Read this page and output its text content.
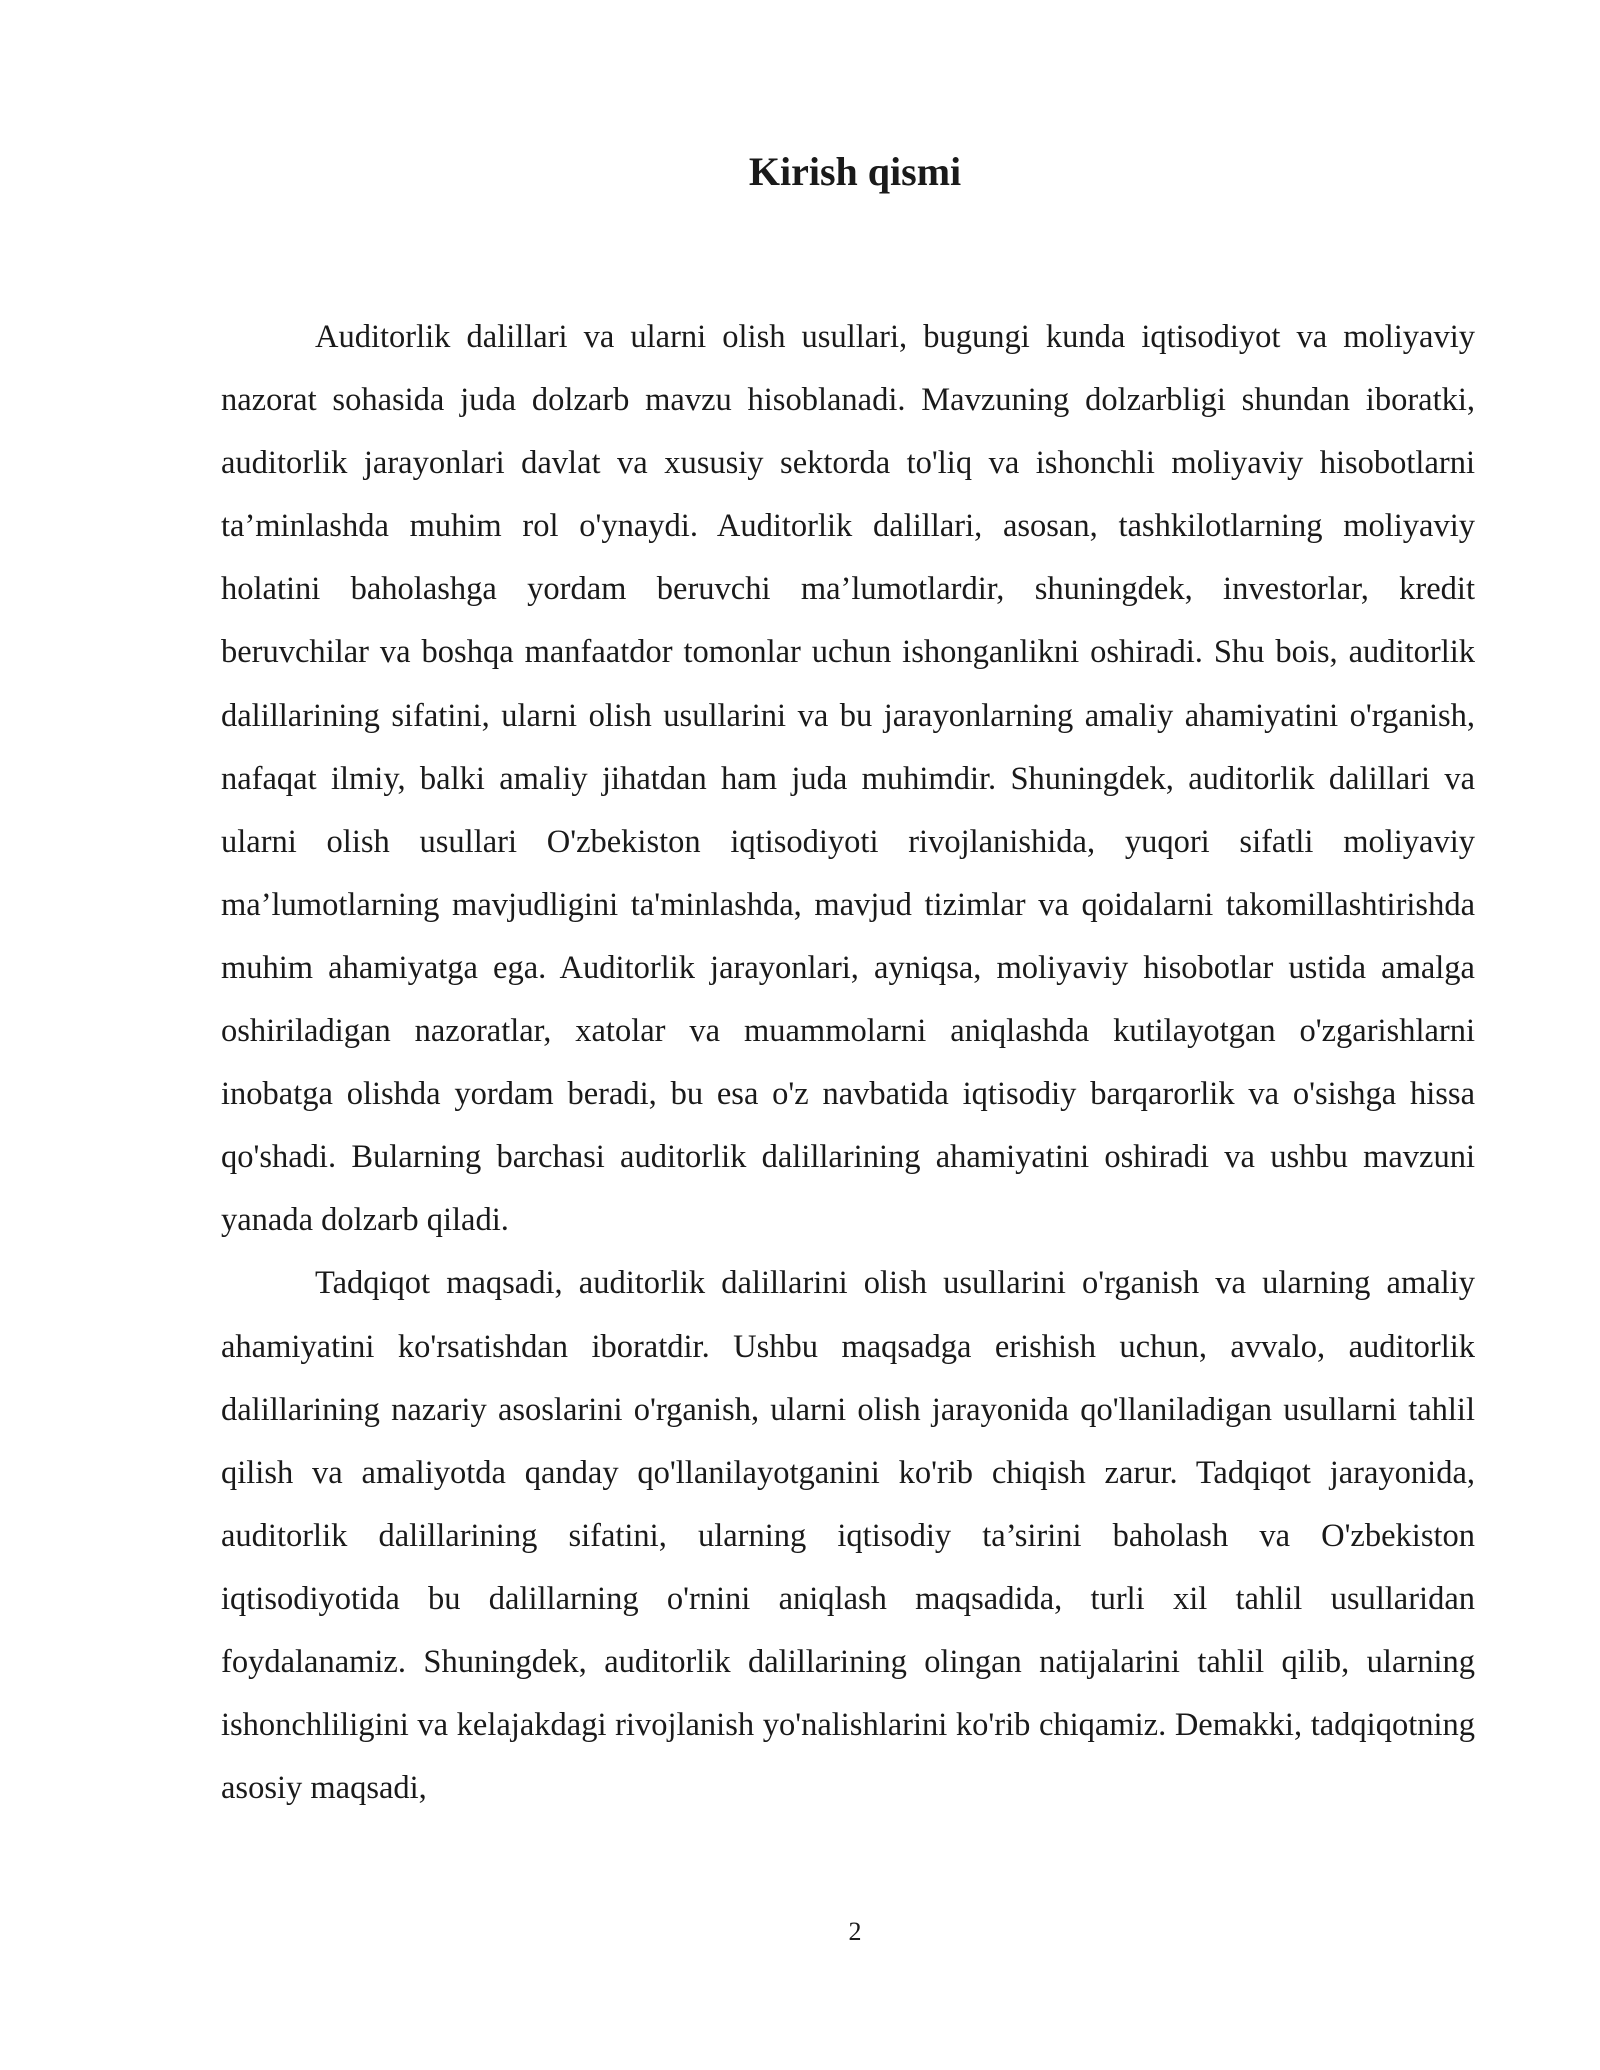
Kirish qismi

Auditorlik dalillari va ularni olish usullari, bugungi kunda iqtisodiyot va moliyaviy nazorat sohasida juda dolzarb mavzu hisoblanadi. Mavzuning dolzarbligi shundan iboratki, auditorlik jarayonlari davlat va xususiy sektorda to'liq va ishonchli moliyaviy hisobotlarni ta’minlashda muhim rol o'ynaydi. Auditorlik dalillari, asosan, tashkilotlarning moliyaviy holatini baholashga yordam beruvchi ma’lumotlardir, shuningdek, investorlar, kredit beruvchilar va boshqa manfaatdor tomonlar uchun ishonganlikni oshiradi. Shu bois, auditorlik dalillarining sifatini, ularni olish usullarini va bu jarayonlarning amaliy ahamiyatini o'rganish, nafaqat ilmiy, balki amaliy jihatdan ham juda muhimdir. Shuningdek, auditorlik dalillari va ularni olish usullari O'zbekiston iqtisodiyoti rivojlanishida, yuqori sifatli moliyaviy ma’lumotlarning mavjudligini ta'minlashda, mavjud tizimlar va qoidalarni takomillashtirishda muhim ahamiyatga ega. Auditorlik jarayonlari, ayniqsa, moliyaviy hisobotlar ustida amalga oshiriladigan nazoratlar, xatolar va muammolarni aniqlashda kutilayotgan o'zgarishlarni inobatga olishda yordam beradi, bu esa o'z navbatida iqtisodiy barqarorlik va o'sishga hissa qo'shadi. Bularning barchasi auditorlik dalillarining ahamiyatini oshiradi va ushbu mavzuni yanada dolzarb qiladi.

Tadqiqot maqsadi, auditorlik dalillarini olish usullarini o'rganish va ularning amaliy ahamiyatini ko'rsatishdan iboratdir. Ushbu maqsadga erishish uchun, avvalo, auditorlik dalillarining nazariy asoslarini o'rganish, ularni olish jarayonida qo'llaniladigan usullarni tahlil qilish va amaliyotda qanday qo'llanilayotganini ko'rib chiqish zarur. Tadqiqot jarayonida, auditorlik dalillarining sifatini, ularning iqtisodiy ta’sirini baholash va O'zbekiston iqtisodiyotida bu dalillarning o'rnini aniqlash maqsadida, turli xil tahlil usullaridan foydalanamiz. Shuningdek, auditorlik dalillarining olingan natijalarini tahlil qilib, ularning ishonchliligini va kelajakdagi rivojlanish yo'nalishlarini ko'rib chiqamiz. Demakki, tadqiqotning asosiy maqsadi,

2
